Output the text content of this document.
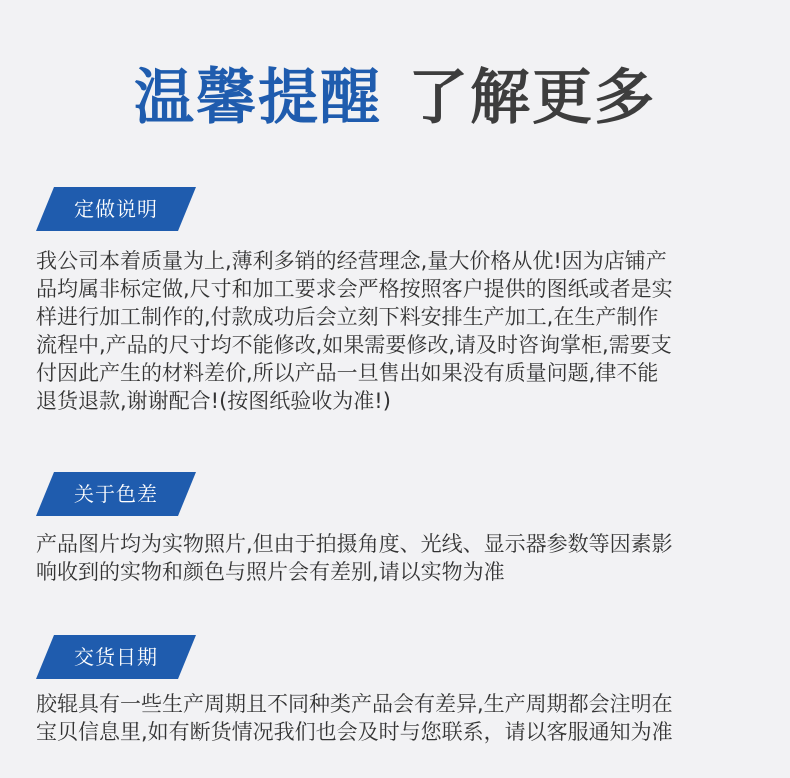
温馨提醒 了解更多
定做说明
我公司本着质量为上,薄利多销的经营理念,量大价格从优!因为店铺产
品均属非标定做,尺寸和加工要求会严格按照客户提供的图纸或者是实
样进行加工制作的,付款成功后会立刻下料安排生产加工,在生产制作
流程中,产品的尺寸均不能修改,如果需要修改,请及时咨询掌柜,需要支
付因此产生的材料差价,所以产品一旦售出如果没有质量问题,律不能
退货退款,谢谢配合!(按图纸验收为准!)
关于色差
产品图片均为实物照片,但由于拍摄角度、光线、显示器参数等因素影
响收到的实物和颜色与照片会有差别,请以实物为准
交货日期
胶辊具有一些生产周期且不同种类产品会有差异,生产周期都会注明在
宝贝信息里,如有断货情况我们也会及时与您联系，请以客服通知为准
